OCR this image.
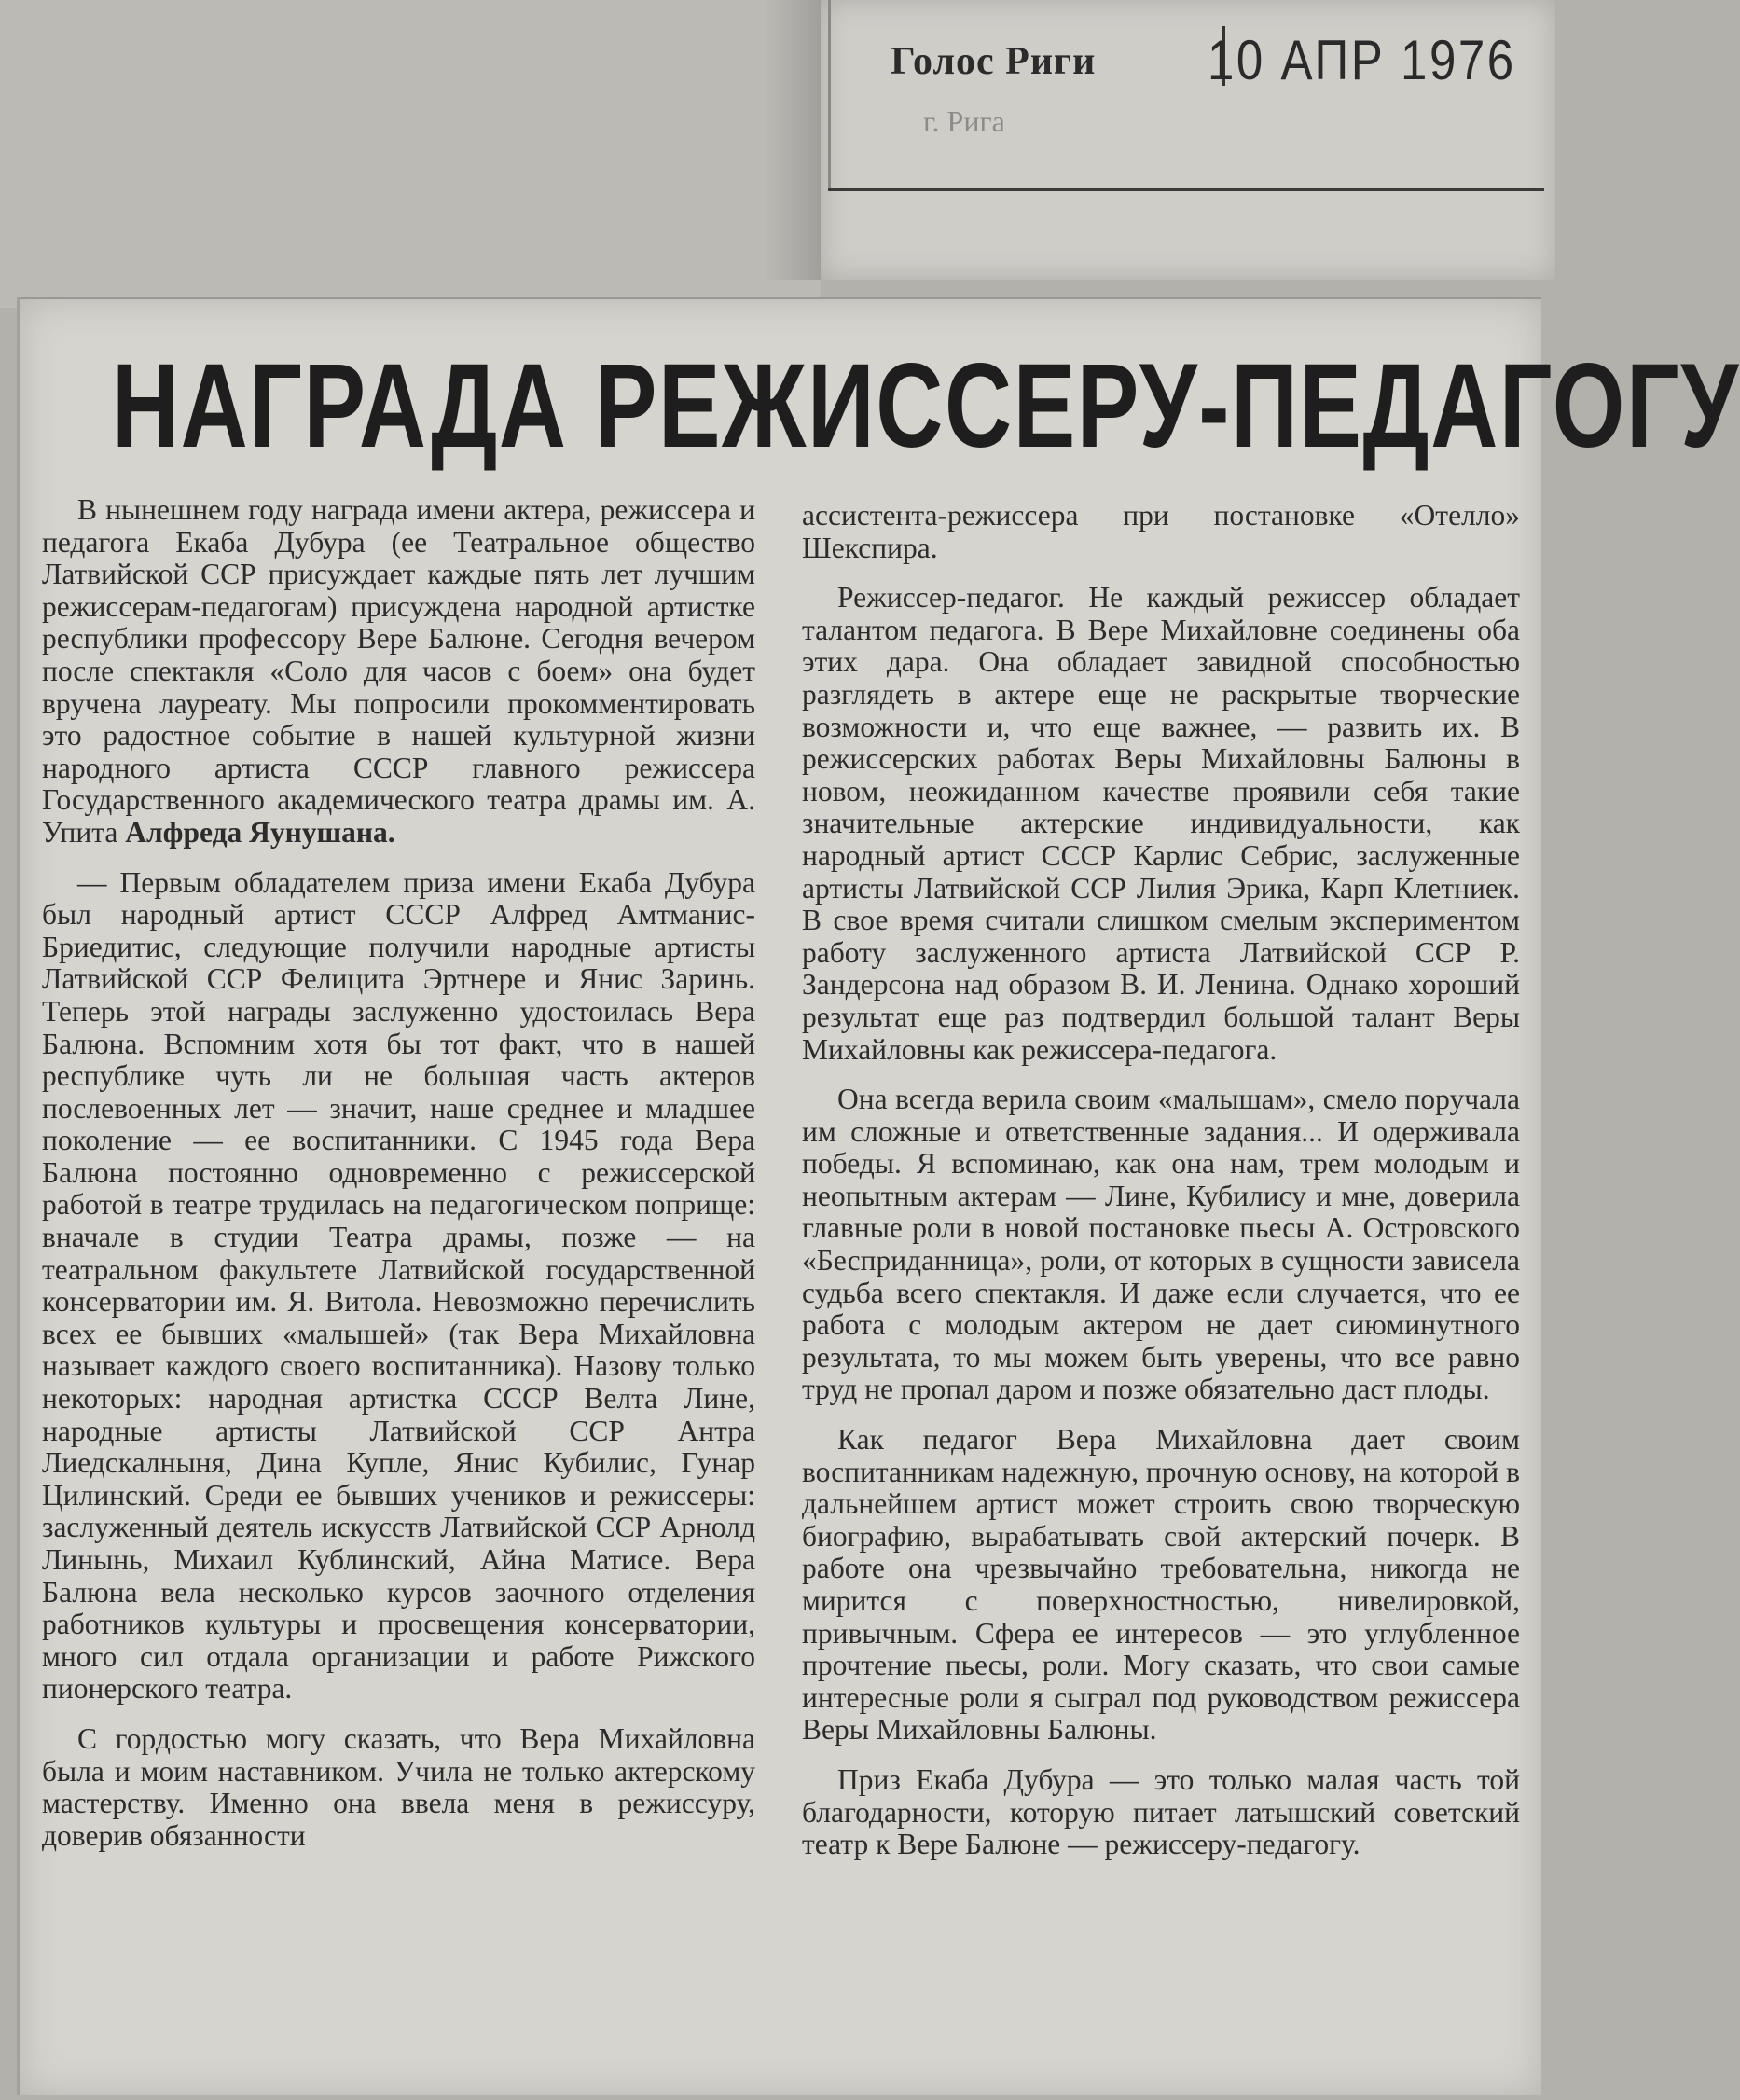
Голос Риги
г. Рига
10 АПР 1976
НАГРАДА РЕЖИССЕРУ-ПЕДАГОГУ

В нынешнем году награда имени актера, режиссера и педагога Екаба Дубура (ее Театральное общество Латвийской ССР присуждает каждые пять лет лучшим режиссерам-педагогам) присуждена народной артистке республики профессору Вере Балюне. Сегодня вечером после спектакля «Соло для часов с боем» она будет вручена лауреату. Мы попросили прокомментировать это радостное событие в нашей культурной жизни народного артиста СССР главного режиссера Государственного академического театра драмы им. А. Упита Алфреда Яунушана.

— Первым обладателем приза имени Екаба Дубура был народный артист СССР Алфред Амтманис-Бриедитис, следующие получили народные артисты Латвийской ССР Фелицита Эртнере и Янис Заринь. Теперь этой награды заслуженно удостоилась Вера Балюна. Вспомним хотя бы тот факт, что в нашей республике чуть ли не большая часть актеров послевоенных лет — значит, наше среднее и младшее поколение — ее воспитанники. С 1945 года Вера Балюна постоянно одновременно с режиссерской работой в театре трудилась на педагогическом поприще: вначале в студии Театра драмы, позже — на театральном факультете Латвийской государственной консерватории им. Я. Витола. Невозможно перечислить всех ее бывших «малышей» (так Вера Михайловна называет каждого своего воспитанника). Назову только некоторых: народная артистка СССР Велта Лине, народные артисты Латвийской ССР Антра Лиедскалныня, Дина Купле, Янис Кубилис, Гунар Цилинский. Среди ее бывших учеников и режиссеры: заслуженный деятель искусств Латвийской ССР Арнолд Линынь, Михаил Кублинский, Айна Матисе. Вера Балюна вела несколько курсов заочного отделения работников культуры и просвещения консерватории, много сил отдала организации и работе Рижского пионерского театра.

С гордостью могу сказать, что Вера Михайловна была и моим наставником. Учила не только актерскому мастерству. Именно она ввела меня в режиссуру, доверив обязанности

ассистента-режиссера при постановке «Отелло» Шекспира.

Режиссер-педагог. Не каждый режиссер обладает талантом педагога. В Вере Михайловне соединены оба этих дара. Она обладает завидной способностью разглядеть в актере еще не раскрытые творческие возможности и, что еще важнее, — развить их. В режиссерских работах Веры Михайловны Балюны в новом, неожиданном качестве проявили себя такие значительные актерские индивидуальности, как народный артист СССР Карлис Себрис, заслуженные артисты Латвийской ССР Лилия Эрика, Карп Клетниек. В свое время считали слишком смелым экспериментом работу заслуженного артиста Латвийской ССР Р. Зандерсона над образом В. И. Ленина. Однако хороший результат еще раз подтвердил большой талант Веры Михайловны как режиссера-педагога.

Она всегда верила своим «малышам», смело поручала им сложные и ответственные задания... И одерживала победы. Я вспоминаю, как она нам, трем молодым и неопытным актерам — Лине, Кубилису и мне, доверила главные роли в новой постановке пьесы А. Островского «Бесприданница», роли, от которых в сущности зависела судьба всего спектакля. И даже если случается, что ее работа с молодым актером не дает сиюминутного результата, то мы можем быть уверены, что все равно труд не пропал даром и позже обязательно даст плоды.

Как педагог Вера Михайловна дает своим воспитанникам надежную, прочную основу, на которой в дальнейшем артист может строить свою творческую биографию, вырабатывать свой актерский почерк. В работе она чрезвычайно требовательна, никогда не мирится с поверхностностью, нивелировкой, привычным. Сфера ее интересов — это углубленное прочтение пьесы, роли. Могу сказать, что свои самые интересные роли я сыграл под руководством режиссера Веры Михайловны Балюны.

Приз Екаба Дубура — это только малая часть той благодарности, которую питает латышский советский театр к Вере Балюне — режиссеру-педагогу.
